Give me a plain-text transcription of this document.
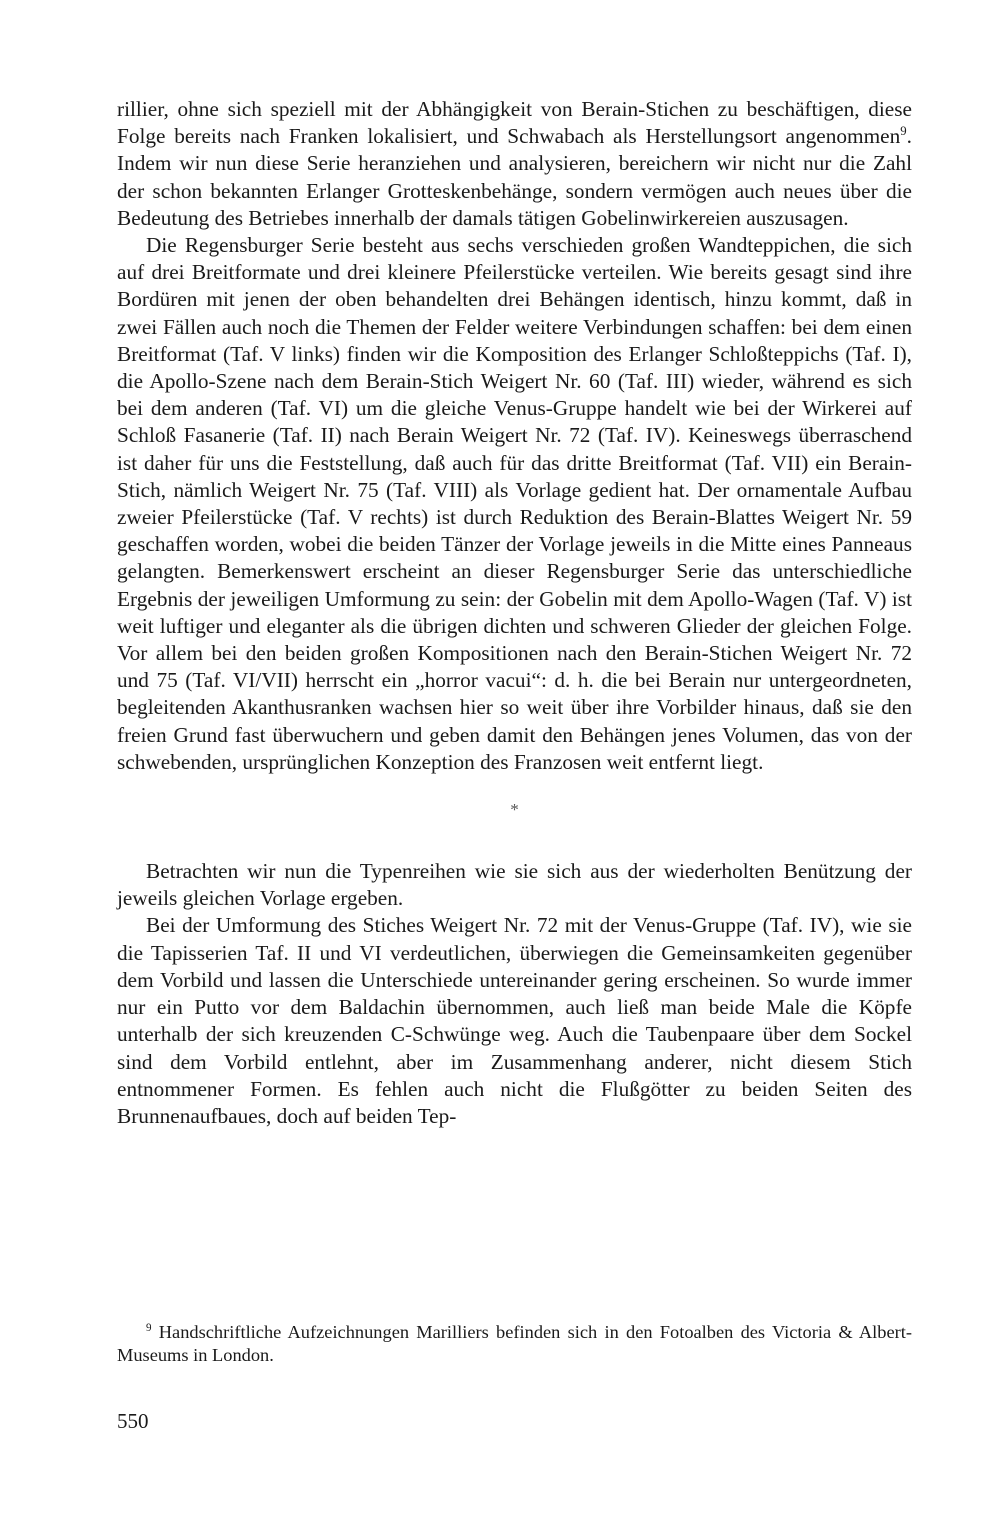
rillier, ohne sich speziell mit der Abhängigkeit von Berain-Stichen zu beschäftigen, diese Folge bereits nach Franken lokalisiert, und Schwabach als Herstellungsort angenommen$^9$. Indem wir nun diese Serie heranziehen und analysieren, bereichern wir nicht nur die Zahl der schon bekannten Erlanger Grotteskenbehänge, sondern vermögen auch neues über die Bedeutung des Betriebes innerhalb der damals tätigen Gobelinwirkereien auszusagen.

Die Regensburger Serie besteht aus sechs verschieden großen Wandteppichen, die sich auf drei Breitformate und drei kleinere Pfeilerstücke verteilen. Wie bereits gesagt sind ihre Bordüren mit jenen der oben behandelten drei Behängen identisch, hinzu kommt, daß in zwei Fällen auch noch die Themen der Felder weitere Verbindungen schaffen: bei dem einen Breitformat (Taf. V links) finden wir die Komposition des Erlanger Schloßteppichs (Taf. I), die Apollo-Szene nach dem Berain-Stich Weigert Nr. 60 (Taf. III) wieder, während es sich bei dem anderen (Taf. VI) um die gleiche Venus-Gruppe handelt wie bei der Wirkerei auf Schloß Fasanerie (Taf. II) nach Berain Weigert Nr. 72 (Taf. IV). Keineswegs überraschend ist daher für uns die Feststellung, daß auch für das dritte Breitformat (Taf. VII) ein Berain-Stich, nämlich Weigert Nr. 75 (Taf. VIII) als Vorlage gedient hat. Der ornamentale Aufbau zweier Pfeilerstücke (Taf. V rechts) ist durch Reduktion des Berain-Blattes Weigert Nr. 59 geschaffen worden, wobei die beiden Tänzer der Vorlage jeweils in die Mitte eines Panneaus gelangten. Bemerkenswert erscheint an dieser Regensburger Serie das unterschiedliche Ergebnis der jeweiligen Umformung zu sein: der Gobelin mit dem Apollo-Wagen (Taf. V) ist weit luftiger und eleganter als die übrigen dichten und schweren Glieder der gleichen Folge. Vor allem bei den beiden großen Kompositionen nach den Berain-Stichen Weigert Nr. 72 und 75 (Taf. VI/VII) herrscht ein „horror vacui“: d. h. die bei Berain nur untergeordneten, begleitenden Akanthusranken wachsen hier so weit über ihre Vorbilder hinaus, daß sie den freien Grund fast überwuchern und geben damit den Behängen jenes Volumen, das von der schwebenden, ursprünglichen Konzeption des Franzosen weit entfernt liegt.

*

Betrachten wir nun die Typenreihen wie sie sich aus der wiederholten Benützung der jeweils gleichen Vorlage ergeben.

Bei der Umformung des Stiches Weigert Nr. 72 mit der Venus-Gruppe (Taf. IV), wie sie die Tapisserien Taf. II und VI verdeutlichen, überwiegen die Gemeinsamkeiten gegenüber dem Vorbild und lassen die Unterschiede untereinander gering erscheinen. So wurde immer nur ein Putto vor dem Baldachin übernommen, auch ließ man beide Male die Köpfe unterhalb der sich kreuzenden C-Schwünge weg. Auch die Taubenpaare über dem Sockel sind dem Vorbild entlehnt, aber im Zusammenhang anderer, nicht diesem Stich entnommener Formen. Es fehlen auch nicht die Flußgötter zu beiden Seiten des Brunnenaufbaues, doch auf beiden Tep-

$^9$ Handschriftliche Aufzeichnungen Marilliers befinden sich in den Fotoalben des Victoria & Albert-Museums in London.

550
